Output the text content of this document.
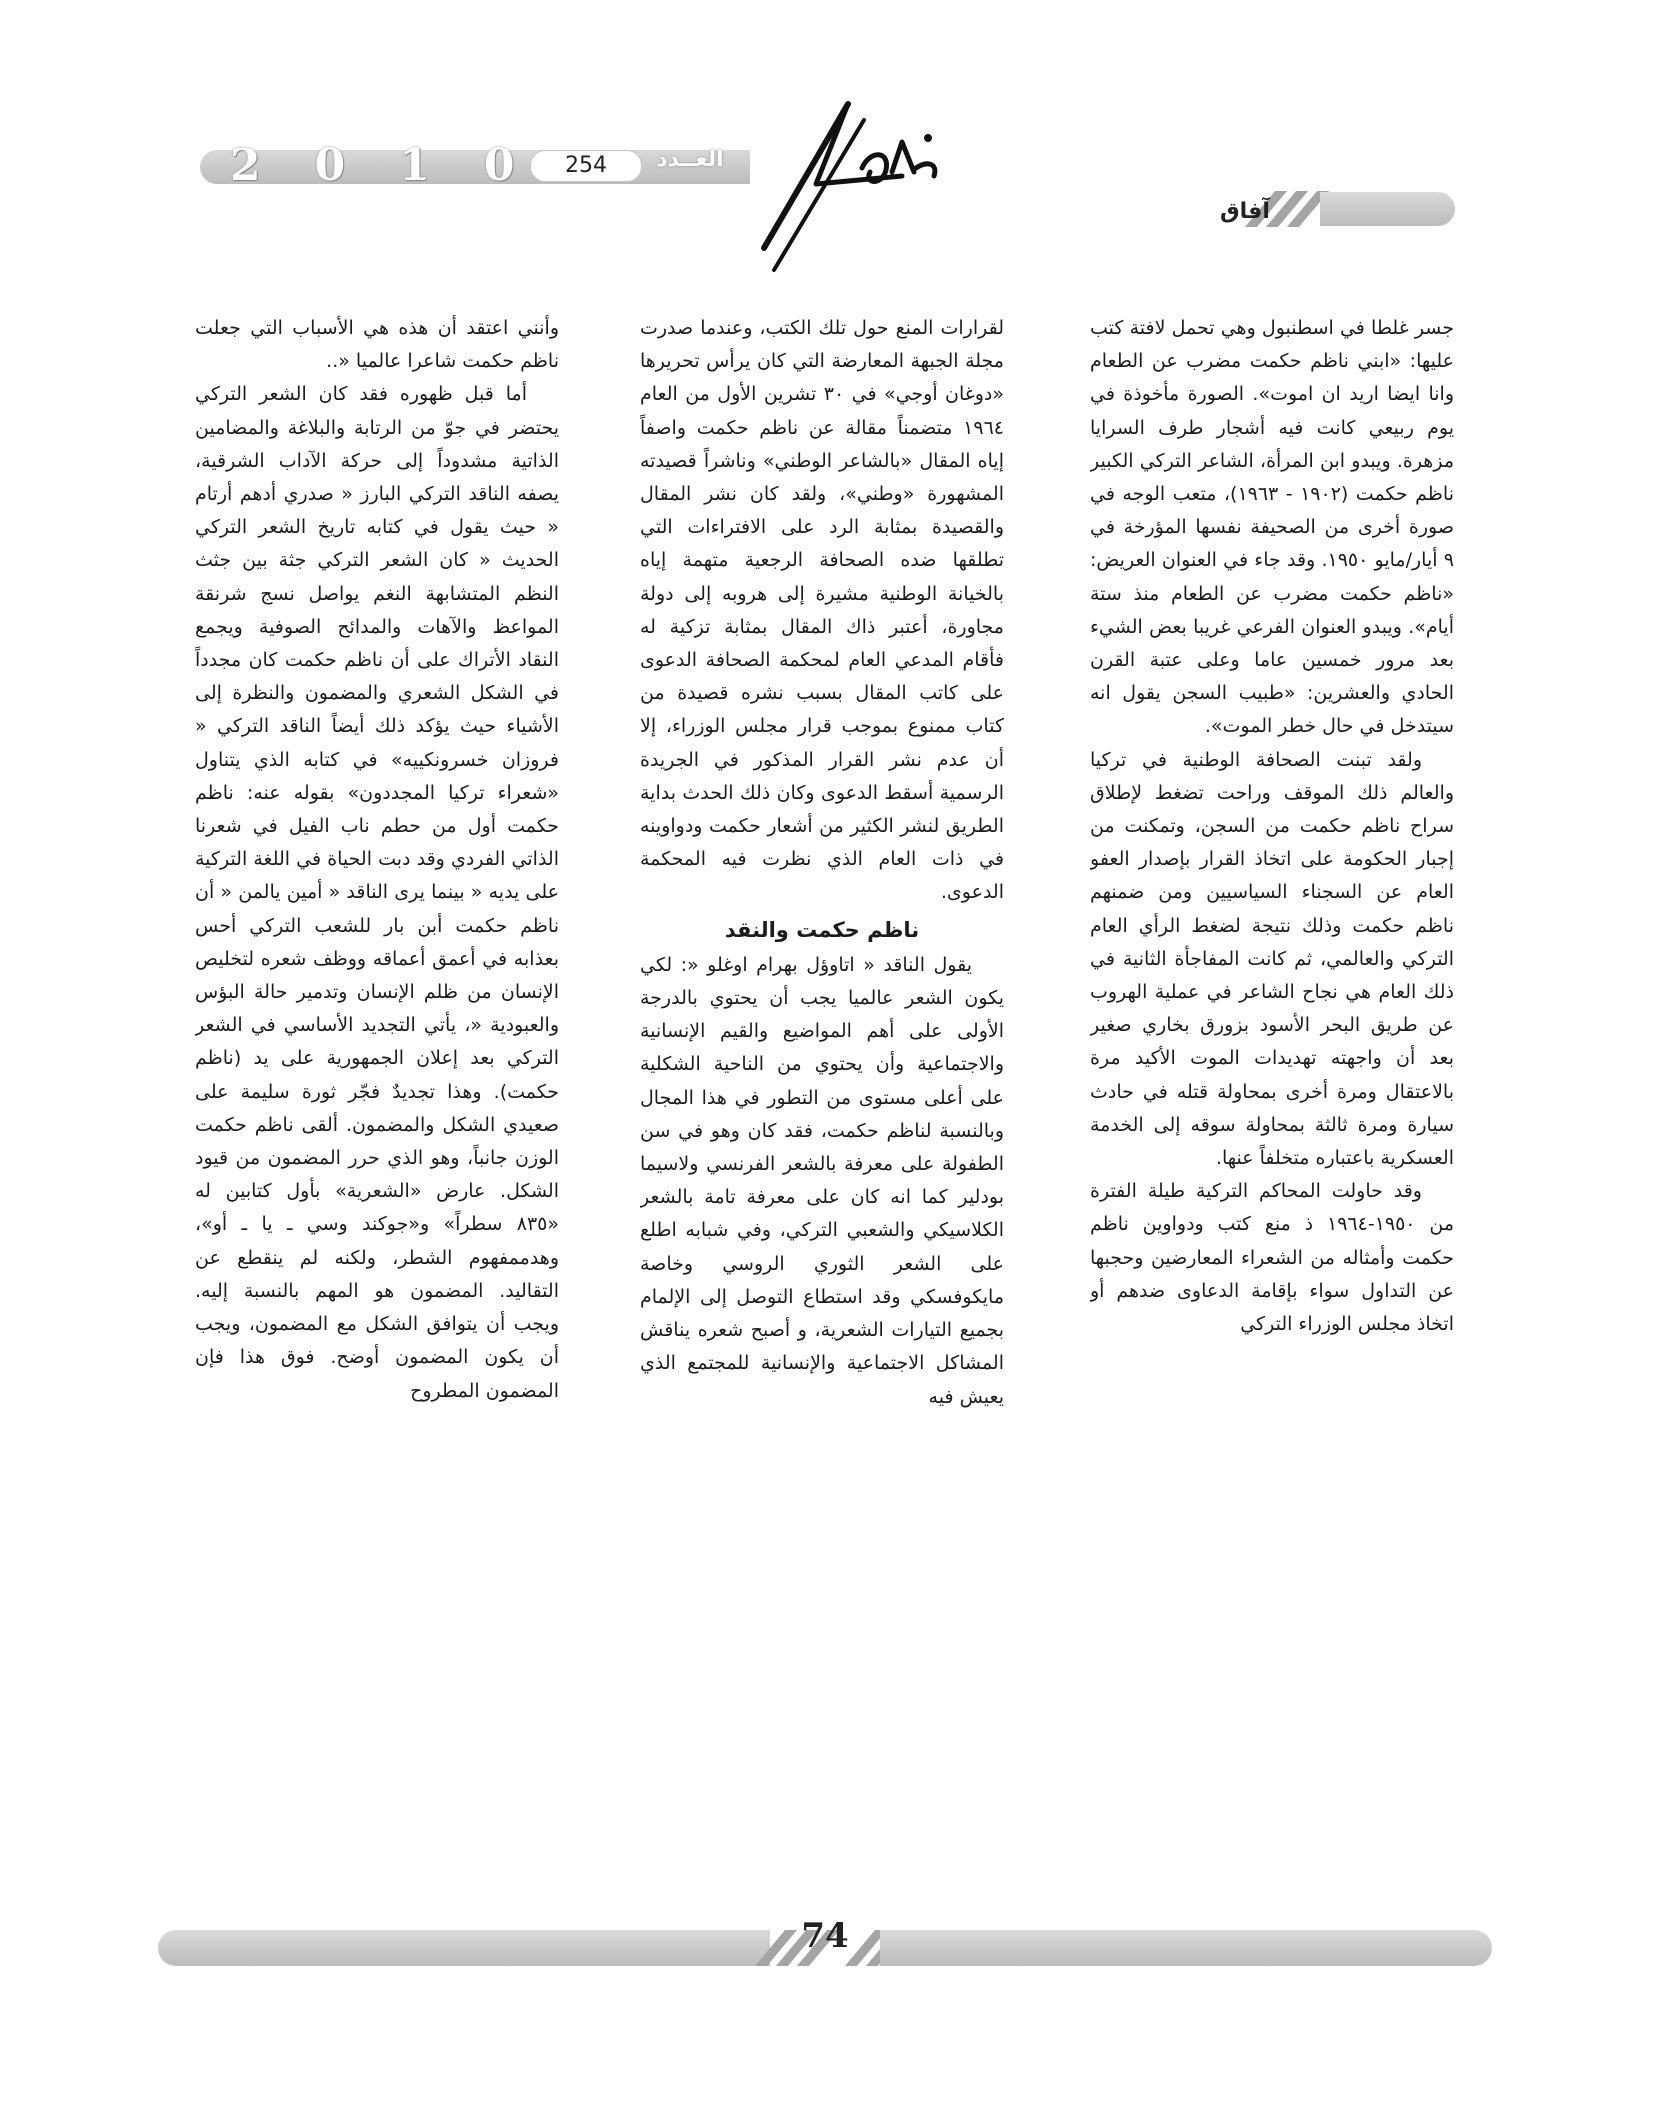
2 0 1 0	254	العــدد
آفاق

جسر غلطا في اسطنبول وهي تحمل لافتة كتب عليها: «ابني ناظم حكمت مضرب عن الطعام وانا ايضا اريد ان اموت». الصورة مأخوذة في يوم ربيعي كانت فيه أشجار طرف السرايا مزهرة. ويبدو ابن المرأة، الشاعر التركي الكبير ناظم حكمت (١٩٠٢ - ١٩٦٣)، متعب الوجه في صورة أخرى من الصحيفة نفسها المؤرخة في ٩ أيار/مايو ١٩٥٠. وقد جاء في العنوان العريض: «ناظم حكمت مضرب عن الطعام منذ ستة أيام». ويبدو العنوان الفرعي غريبا بعض الشيء بعد مرور خمسين عاما وعلى عتبة القرن الحادي والعشرين: «طبيب السجن يقول انه سيتدخل في حال خطر الموت».

ولقد تبنت الصحافة الوطنية في تركيا والعالم ذلك الموقف وراحت تضغط لإطلاق سراح ناظم حكمت من السجن، وتمكنت من إجبار الحكومة على اتخاذ القرار بإصدار العفو العام عن السجناء السياسيين ومن ضمنهم ناظم حكمت وذلك نتيجة لضغط الرأي العام التركي والعالمي، ثم كانت المفاجأة الثانية في ذلك العام هي نجاح الشاعر في عملية الهروب عن طريق البحر الأسود بزورق بخاري صغير بعد أن واجهته تهديدات الموت الأكيد مرة بالاعتقال ومرة أخرى بمحاولة قتله في حادث سيارة ومرة ثالثة بمحاولة سوقه إلى الخدمة العسكرية باعتباره متخلفاً عنها.

وقد حاولت المحاكم التركية طيلة الفترة من ١٩٥٠-١٩٦٤ ذ منع كتب ودواوين ناظم حكمت وأمثاله من الشعراء المعارضين وحجبها عن التداول سواء بإقامة الدعاوى ضدهم أو اتخاذ مجلس الوزراء التركي

لقرارات المنع حول تلك الكتب، وعندما صدرت مجلة الجبهة المعارضة التي كان يرأس تحريرها «دوغان أوجي» في ٣٠ تشرين الأول من العام ١٩٦٤ متضمناً مقالة عن ناظم حكمت واصفاً إياه المقال «بالشاعر الوطني» وناشراً قصيدته المشهورة «وطني»، ولقد كان نشر المقال والقصيدة بمثابة الرد على الافتراءات التي تطلقها ضده الصحافة الرجعية متهمة إياه بالخيانة الوطنية مشيرة إلى هروبه إلى دولة مجاورة، أعتبر ذاك المقال بمثابة تزكية له فأقام المدعي العام لمحكمة الصحافة الدعوى على كاتب المقال بسبب نشره قصيدة من كتاب ممنوع بموجب قرار مجلس الوزراء، إلا أن عدم نشر القرار المذكور في الجريدة الرسمية أسقط الدعوى وكان ذلك الحدث بداية الطريق لنشر الكثير من أشعار حكمت ودواوينه في ذات العام الذي نظرت فيه المحكمة الدعوى.

ناظم حكمت والنقد

يقول الناقد « اتاوؤل بهرام اوغلو «: لكي يكون الشعر عالميا يجب أن يحتوي بالدرجة الأولى على أهم المواضيع والقيم الإنسانية والاجتماعية وأن يحتوي من الناحية الشكلية على أعلى مستوى من التطور في هذا المجال وبالنسبة لناظم حكمت، فقد كان وهو في سن الطفولة على معرفة بالشعر الفرنسي ولاسيما بودلير كما انه كان على معرفة تامة بالشعر الكلاسيكي والشعبي التركي، وفي شبابه اطلع على الشعر الثوري الروسي وخاصة مايكوفسكي وقد استطاع التوصل إلى الإلمام بجميع التيارات الشعرية، و أصبح شعره يناقش المشاكل الاجتماعية والإنسانية للمجتمع الذي يعيش فيه

وأنني اعتقد أن هذه هي الأسباب التي جعلت ناظم حكمت شاعرا عالميا «..

أما قبل ظهوره فقد كان الشعر التركي يحتضر في جوّ من الرتابة والبلاغة والمضامين الذاتية مشدوداً إلى حركة الآداب الشرقية، يصفه الناقد التركي البارز « صدري أدهم أرتام « حيث يقول في كتابه تاريخ الشعر التركي الحديث « كان الشعر التركي جثة بين جثث النظم المتشابهة النغم يواصل نسج شرنقة المواعظ والآهات والمدائح الصوفية ويجمع النقاد الأتراك على أن ناظم حكمت كان مجدداً في الشكل الشعري والمضمون والنظرة إلى الأشياء حيث يؤكد ذلك أيضاً الناقد التركي « فروزان خسرونكييه» في كتابه الذي يتناول «شعراء تركيا المجددون» بقوله عنه: ناظم حكمت أول من حطم ناب الفيل في شعرنا الذاتي الفردي وقد دبت الحياة في اللغة التركية على يديه « بينما يرى الناقد « أمين يالمن « أن ناظم حكمت أبن بار للشعب التركي أحس بعذابه في أعمق أعماقه ووظف شعره لتخليص الإنسان من ظلم الإنسان وتدمير حالة البؤس والعبودية «، يأتي التجديد الأساسي في الشعر التركي بعد إعلان الجمهورية على يد (ناظم حكمت). وهذا تجديدٌ فجّر ثورة سليمة على صعيدي الشكل والمضمون. ألقى ناظم حكمت الوزن جانباً، وهو الذي حرر المضمون من قيود الشكل. عارض «الشعرية» بأول كتابين له «٨٣٥ سطراً» و«جوكند وسي ـ يا ـ أو»، وهدممفهوم الشطر، ولكنه لم ينقطع عن التقاليد. المضمون هو المهم بالنسبة إليه. ويجب أن يتوافق الشكل مع المضمون، ويجب أن يكون المضمون أوضح. فوق هذا فإن المضمون المطروح

74
